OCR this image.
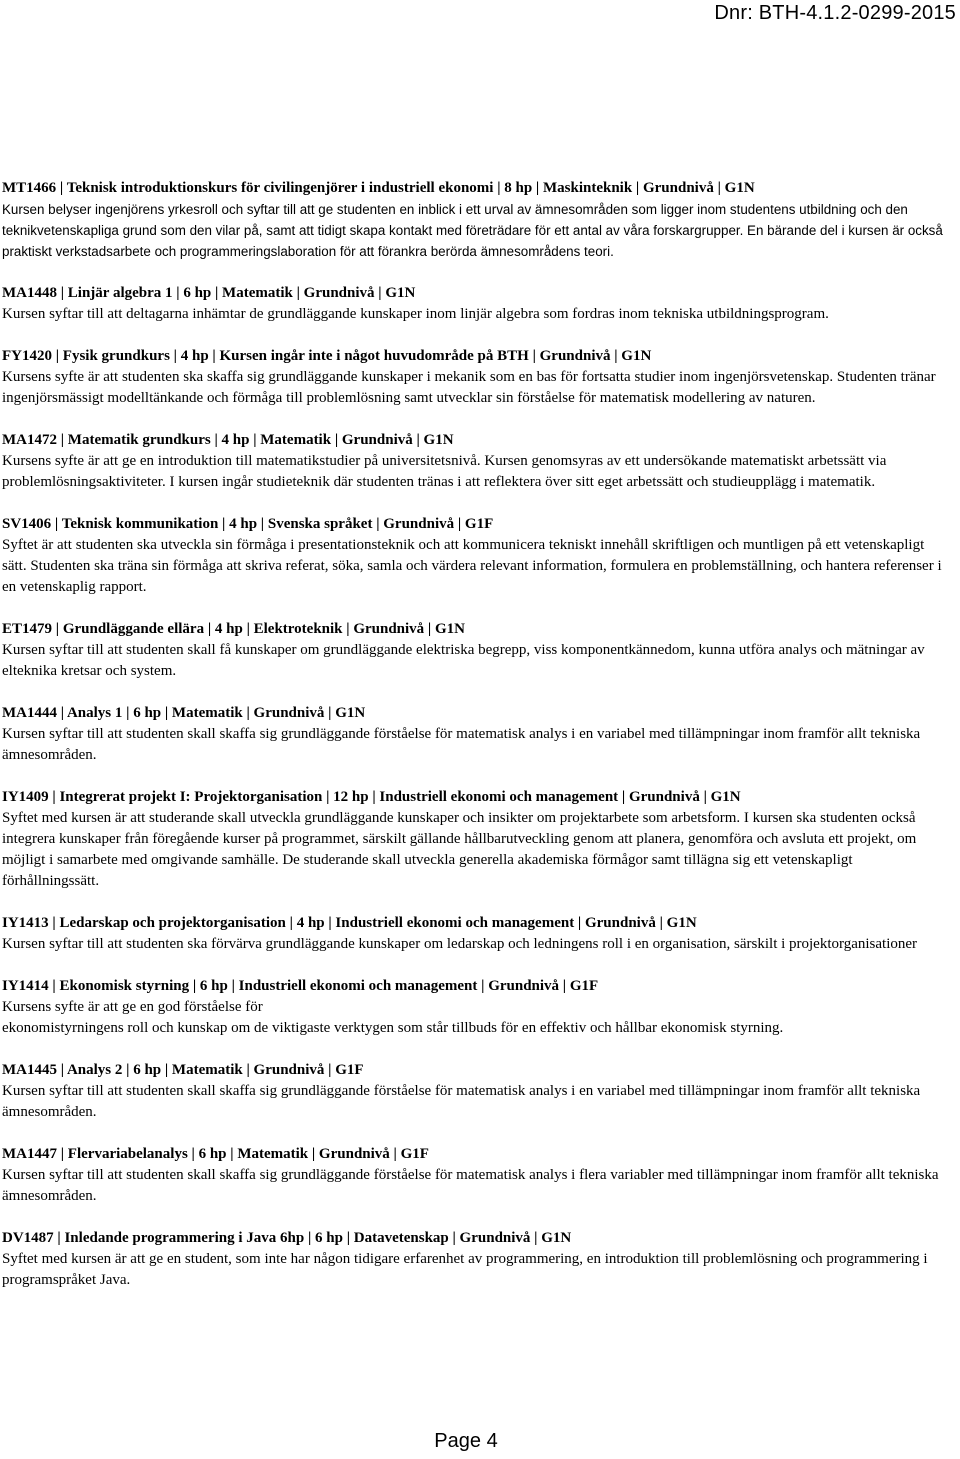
Dnr: BTH-4.1.2-0299-2015
MT1466 | Teknisk introduktionskurs för civilingenjörer i industriell ekonomi | 8 hp | Maskinteknik | Grundnivå | G1N
Kursen belyser ingenjörens yrkesroll och syftar till att ge studenten en inblick i ett urval av ämnesområden som ligger inom studentens utbildning och den teknikvetenskapliga grund som den vilar på, samt att tidigt skapa kontakt med företrädare för ett antal av våra forskargrupper. En bärande del i kursen är också praktiskt verkstadsarbete och programmeringslaboration för att förankra berörda ämnesområdens teori.
MA1448 | Linjär algebra 1 | 6 hp | Matematik | Grundnivå | G1N
Kursen syftar till att deltagarna inhämtar de grundläggande kunskaper inom linjär algebra som fordras inom tekniska utbildningsprogram.
FY1420 | Fysik grundkurs | 4 hp | Kursen ingår inte i något huvudområde på BTH | Grundnivå | G1N
Kursens syfte är att studenten ska skaffa sig grundläggande kunskaper i mekanik som en bas för fortsatta studier inom ingenjörsvetenskap. Studenten tränar ingenjörsmässigt modelltänkande och förmåga till problemlösning samt utvecklar sin förståelse för matematisk modellering av naturen.
MA1472 | Matematik grundkurs | 4 hp | Matematik | Grundnivå | G1N
Kursens syfte är att ge en introduktion till matematikstudier på universitetsnivå. Kursen genomsyras av ett undersökande matematiskt arbetssätt via problemlösningsaktiviteter. I kursen ingår studieteknik där studenten tränas i att reflektera över sitt eget arbetssätt och studieupplägg i matematik.
SV1406 | Teknisk kommunikation | 4 hp | Svenska språket | Grundnivå | G1F
Syftet är att studenten ska utveckla sin förmåga i presentationsteknik och att kommunicera tekniskt innehåll skriftligen och muntligen på ett vetenskapligt sätt. Studenten ska träna sin förmåga att skriva referat, söka, samla och värdera relevant information, formulera en problemställning, och hantera referenser i en vetenskaplig rapport.
ET1479 | Grundläggande ellära | 4 hp | Elektroteknik | Grundnivå | G1N
Kursen syftar till att studenten skall få kunskaper om grundläggande elektriska begrepp, viss komponentkännedom, kunna utföra analys och mätningar av elteknika kretsar och system.
MA1444 | Analys 1 | 6 hp | Matematik | Grundnivå | G1N
Kursen syftar till att studenten skall skaffa sig grundläggande förståelse för matematisk analys i en variabel med tillämpningar inom framför allt tekniska ämnesområden.
IY1409 | Integrerat projekt I: Projektorganisation | 12 hp | Industriell ekonomi och management | Grundnivå | G1N
Syftet med kursen är att studerande skall utveckla grundläggande kunskaper och insikter om projektarbete som arbetsform. I kursen ska studenten också integrera kunskaper från föregående kurser på programmet, särskilt gällande hållbarutveckling genom att planera, genomföra och avsluta ett projekt, om möjligt i samarbete med omgivande samhälle. De studerande skall utveckla generella akademiska förmågor samt tillägna sig ett vetenskapligt förhållningssätt.
IY1413 | Ledarskap och projektorganisation | 4 hp | Industriell ekonomi och management | Grundnivå | G1N
Kursen syftar till att studenten ska förvärva grundläggande kunskaper om ledarskap och ledningens roll i en organisation, särskilt i projektorganisationer
IY1414 | Ekonomisk styrning | 6 hp | Industriell ekonomi och management | Grundnivå | G1F
Kursens syfte är att ge en god förståelse för
ekonomistyrningens roll och kunskap om de viktigaste verktygen som står tillbuds för en effektiv och hållbar ekonomisk styrning.
MA1445 | Analys 2 | 6 hp | Matematik | Grundnivå | G1F
Kursen syftar till att studenten skall skaffa sig grundläggande förståelse för matematisk analys i en variabel med tillämpningar inom framför allt tekniska ämnesområden.
MA1447 | Flervariabelanalys | 6 hp | Matematik | Grundnivå | G1F
Kursen syftar till att studenten skall skaffa sig grundläggande förståelse för matematisk analys i flera variabler med tillämpningar inom framför allt tekniska ämnesområden.
DV1487 | Inledande programmering i Java 6hp | 6 hp | Datavetenskap | Grundnivå | G1N
Syftet med kursen är att ge en student, som inte har någon tidigare erfarenhet av programmering, en introduktion till problemlösning och programmering i programspråket Java.
Page 4
